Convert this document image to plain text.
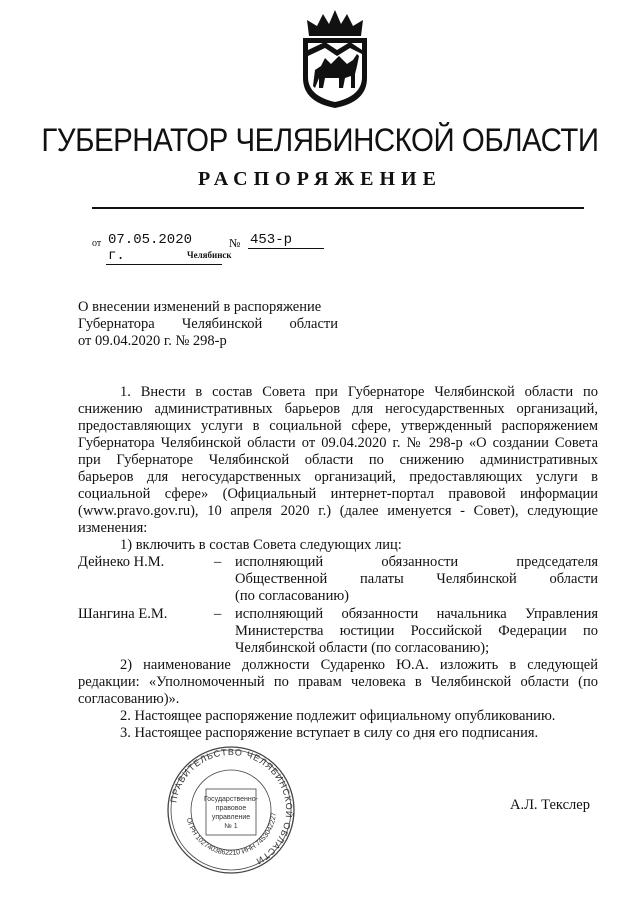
ГУБЕРНАТОР ЧЕЛЯБИНСКОЙ ОБЛАСТИ
РАСПОРЯЖЕНИЕ
от 07.05.2020 г.
№ 453-р
Челябинск
О внесении изменений в распоряжение
Губернатора Челябинской области
от 09.04.2020 г. № 298-р
1. Внести в состав Совета при Губернаторе Челябинской области по
снижению административных барьеров для негосударственных организаций,
предоставляющих услуги в социальной сфере, утвержденный распоряжением
Губернатора Челябинской области от 09.04.2020 г. № 298-р «О создании Совета
при Губернаторе Челябинской области по снижению административных
барьеров для негосударственных организаций, предоставляющих услуги в
социальной сфере» (Официальный интернет-портал правовой информации
(www.pravo.gov.ru), 10 апреля 2020 г.) (далее именуется - Совет), следующие
изменения:
1) включить в состав Совета следующих лиц:
Дейнеко Н.М.	– исполняющий обязанности председателя
Общественной палаты Челябинской области
(по согласованию)
Шангина Е.М.	– исполняющий обязанности начальника Управления
Министерства юстиции Российской Федерации по
Челябинской области (по согласованию);
2) наименование должности Сударенко Ю.А. изложить в следующей
редакции: «Уполномоченный по правам человека в Челябинской области (по
согласованию)».
2. Настоящее распоряжение подлежит официальному опубликованию.
3. Настоящее распоряжение вступает в силу со дня его подписания.
ПРАВИТЕЛЬСТВО ЧЕЛЯБИНСКОЙ ОБЛАСТИ
ОГРН 1027403862210 ИНН 7453042227
Государственно-
правовое
управление
№ 1
А.Л. Текслер
